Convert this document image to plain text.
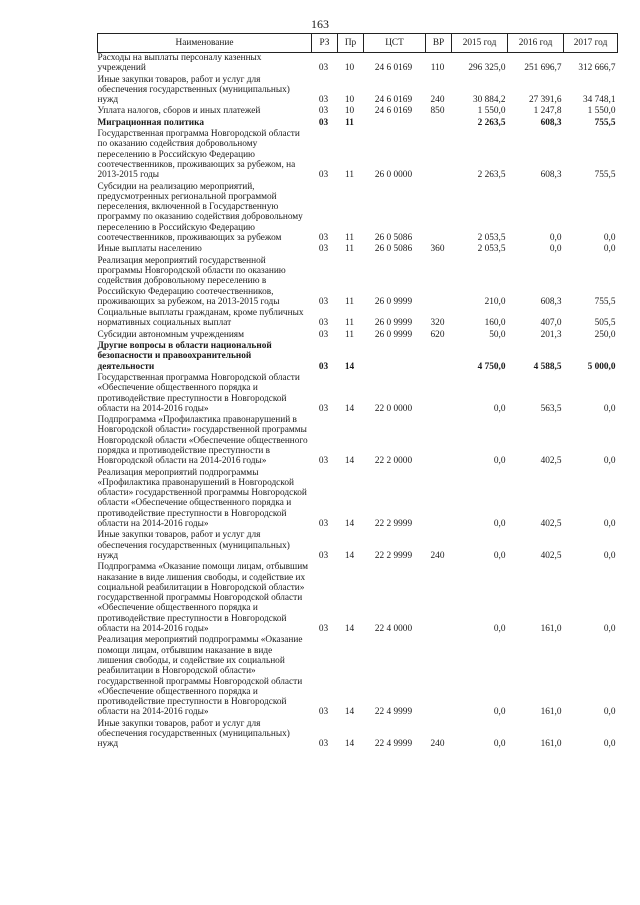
163
Наименование	РЗ	Пр	ЦСТ	ВР	2015 год	2016 год	2017 год
Расходы на выплаты персоналу казенных учреждений	03	10	24 6 0169	110	296 325,0	251 696,7	312 666,7
Иные закупки товаров, работ и услуг для обеспечения государственных (муниципальных) нужд	03	10	24 6 0169	240	30 884,2	27 391,6	34 748,1
Уплата налогов, сборов и иных платежей	03	10	24 6 0169	850	1 550,0	1 247,8	1 550,0
Миграционная политика	03	11			2 263,5	608,3	755,5
Государственная программа Новгородской области по оказанию содействия добровольному переселению в Российскую Федерацию соотечественников, проживающих за рубежом, на 2013-2015 годы	03	11	26 0 0000		2 263,5	608,3	755,5
Субсидии на реализацию мероприятий, предусмотренных региональной программой переселения, включенной в Государственную программу по оказанию содействия добровольному переселению в Российскую Федерацию соотечественников, проживающих за рубежом	03	11	26 0 5086		2 053,5	0,0	0,0
Иные выплаты населению	03	11	26 0 5086	360	2 053,5	0,0	0,0
Реализация мероприятий государственной программы Новгородской области по оказанию содействия добровольному переселению в Российскую Федерацию соотечественников, проживающих за рубежом, на 2013-2015 годы	03	11	26 0 9999		210,0	608,3	755,5
Социальные выплаты гражданам, кроме публичных нормативных социальных выплат	03	11	26 0 9999	320	160,0	407,0	505,5
Субсидии автономным учреждениям	03	11	26 0 9999	620	50,0	201,3	250,0
Другие вопросы в области национальной безопасности и правоохранительной деятельности	03	14			4 750,0	4 588,5	5 000,0
Государственная программа Новгородской области «Обеспечение общественного порядка и противодействие преступности в Новгородской области на 2014-2016 годы»	03	14	22 0 0000		0,0	563,5	0,0
Подпрограмма «Профилактика правонарушений в Новгородской области» государственной программы Новгородской области «Обеспечение общественного порядка и противодействие преступности в Новгородской области на 2014-2016 годы»	03	14	22 2 0000		0,0	402,5	0,0
Реализация мероприятий подпрограммы «Профилактика правонарушений в Новгородской области» государственной программы Новгородской области «Обеспечение общественного порядка и противодействие преступности в Новгородской области на 2014-2016 годы»	03	14	22 2 9999		0,0	402,5	0,0
Иные закупки товаров, работ и услуг для обеспечения государственных (муниципальных) нужд	03	14	22 2 9999	240	0,0	402,5	0,0
Подпрограмма «Оказание помощи лицам, отбывшим наказание в виде лишения свободы, и содействие их социальной реабилитации в Новгородской области» государственной программы Новгородской области «Обеспечение общественного порядка и противодействие преступности в Новгородской области на 2014-2016 годы»	03	14	22 4 0000		0,0	161,0	0,0
Реализация мероприятий подпрограммы «Оказание помощи лицам, отбывшим наказание в виде лишения свободы, и содействие их социальной реабилитации в Новгородской области» государственной программы Новгородской области «Обеспечение общественного порядка и противодействие преступности в Новгородской области на 2014-2016 годы»	03	14	22 4 9999		0,0	161,0	0,0
Иные закупки товаров, работ и услуг для обеспечения государственных (муниципальных) нужд	03	14	22 4 9999	240	0,0	161,0	0,0
